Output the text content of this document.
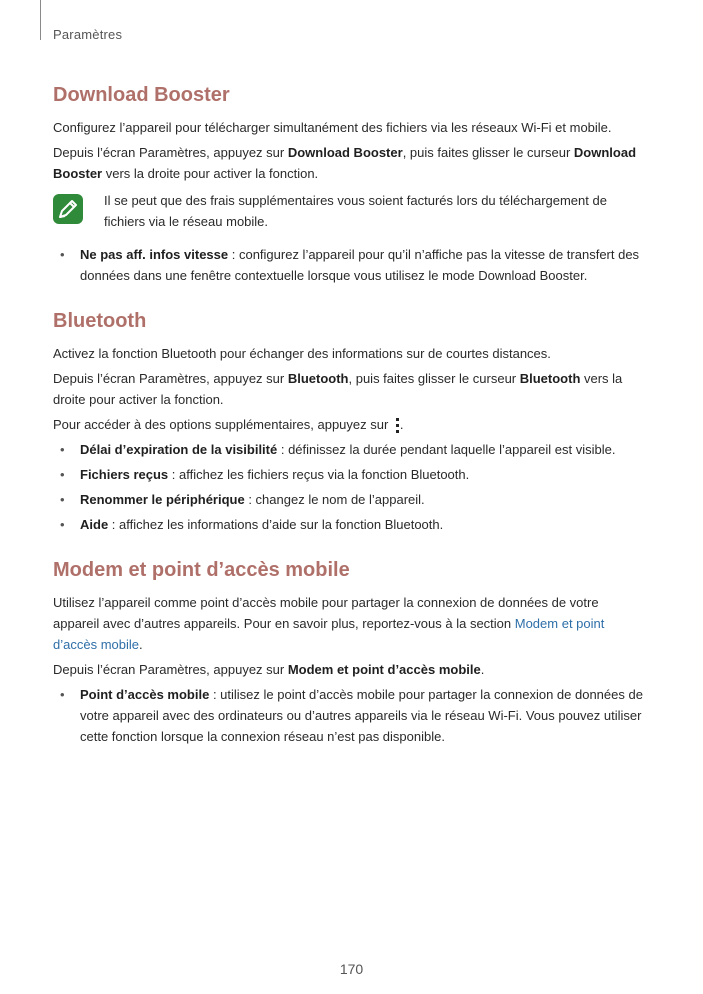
Paramètres
Download Booster

Configurez l’appareil pour télécharger simultanément des fichiers via les réseaux Wi-Fi et mobile.

Depuis l’écran Paramètres, appuyez sur Download Booster, puis faites glisser le curseur Download Booster vers la droite pour activer la fonction.

Il se peut que des frais supplémentaires vous soient facturés lors du téléchargement de fichiers via le réseau mobile.
• Ne pas aff. infos vitesse : configurez l’appareil pour qu’il n’affiche pas la vitesse de transfert des données dans une fenêtre contextuelle lorsque vous utilisez le mode Download Booster.
Bluetooth

Activez la fonction Bluetooth pour échanger des informations sur de courtes distances.

Depuis l’écran Paramètres, appuyez sur Bluetooth, puis faites glisser le curseur Bluetooth vers la droite pour activer la fonction.

Pour accéder à des options supplémentaires, appuyez sur
.

• Délai d’expiration de la visibilité : définissez la durée pendant laquelle l’appareil est visible.
• Fichiers reçus : affichez les fichiers reçus via la fonction Bluetooth.
• Renommer le périphérique : changez le nom de l’appareil.
• Aide : affichez les informations d’aide sur la fonction Bluetooth.
Modem et point d’accès mobile

Utilisez l’appareil comme point d’accès mobile pour partager la connexion de données de votre appareil avec d’autres appareils. Pour en savoir plus, reportez-vous à la section Modem et point d’accès mobile.

Depuis l’écran Paramètres, appuyez sur Modem et point d’accès mobile.

• Point d’accès mobile : utilisez le point d’accès mobile pour partager la connexion de données de votre appareil avec des ordinateurs ou d’autres appareils via le réseau Wi-Fi. Vous pouvez utiliser cette fonction lorsque la connexion réseau n’est pas disponible.
170
